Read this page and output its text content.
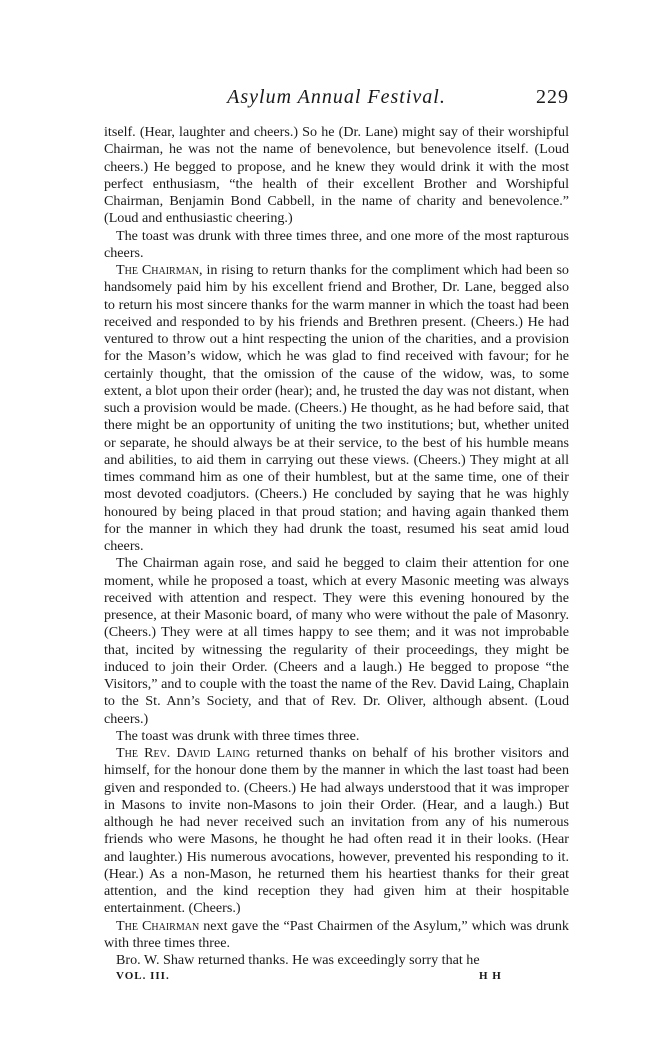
Asylum Annual Festival.	229

itself. (Hear, laughter and cheers.) So he (Dr. Lane) might say of their worshipful Chairman, he was not the name of benevolence, but benevolence itself. (Loud cheers.) He begged to propose, and he knew they would drink it with the most perfect enthusiasm, “the health of their excellent Brother and Worshipful Chairman, Benjamin Bond Cabbell, in the name of charity and benevolence.” (Loud and enthusiastic cheering.)

The toast was drunk with three times three, and one more of the most rapturous cheers.

The Chairman, in rising to return thanks for the compliment which had been so handsomely paid him by his excellent friend and Brother, Dr. Lane, begged also to return his most sincere thanks for the warm manner in which the toast had been received and responded to by his friends and Brethren present. (Cheers.) He had ventured to throw out a hint respecting the union of the charities, and a provision for the Mason’s widow, which he was glad to find received with favour; for he certainly thought, that the omission of the cause of the widow, was, to some extent, a blot upon their order (hear); and, he trusted the day was not distant, when such a provision would be made. (Cheers.) He thought, as he had before said, that there might be an opportunity of uniting the two institutions; but, whether united or separate, he should always be at their service, to the best of his humble means and abilities, to aid them in carrying out these views. (Cheers.) They might at all times command him as one of their humblest, but at the same time, one of their most devoted coadjutors. (Cheers.) He concluded by saying that he was highly honoured by being placed in that proud station; and having again thanked them for the manner in which they had drunk the toast, resumed his seat amid loud cheers.

The Chairman again rose, and said he begged to claim their attention for one moment, while he proposed a toast, which at every Masonic meeting was always received with attention and respect. They were this evening honoured by the presence, at their Masonic board, of many who were without the pale of Masonry. (Cheers.) They were at all times happy to see them; and it was not improbable that, incited by witnessing the regularity of their proceedings, they might be induced to join their Order. (Cheers and a laugh.) He begged to propose “the Visitors,” and to couple with the toast the name of the Rev. David Laing, Chaplain to the St. Ann’s Society, and that of Rev. Dr. Oliver, although absent. (Loud cheers.)

The toast was drunk with three times three.

The Rev. David Laing returned thanks on behalf of his brother visitors and himself, for the honour done them by the manner in which the last toast had been given and responded to. (Cheers.) He had always understood that it was improper in Masons to invite non-Masons to join their Order. (Hear, and a laugh.) But although he had never received such an invitation from any of his numerous friends who were Masons, he thought he had often read it in their looks. (Hear and laughter.) His numerous avocations, however, prevented his responding to it. (Hear.) As a non-Mason, he returned them his heartiest thanks for their great attention, and the kind reception they had given him at their hospitable entertainment. (Cheers.)

The Chairman next gave the “Past Chairmen of the Asylum,” which was drunk with three times three.

Bro. W. Shaw returned thanks. He was exceedingly sorry that he

VOL. III.	H H
